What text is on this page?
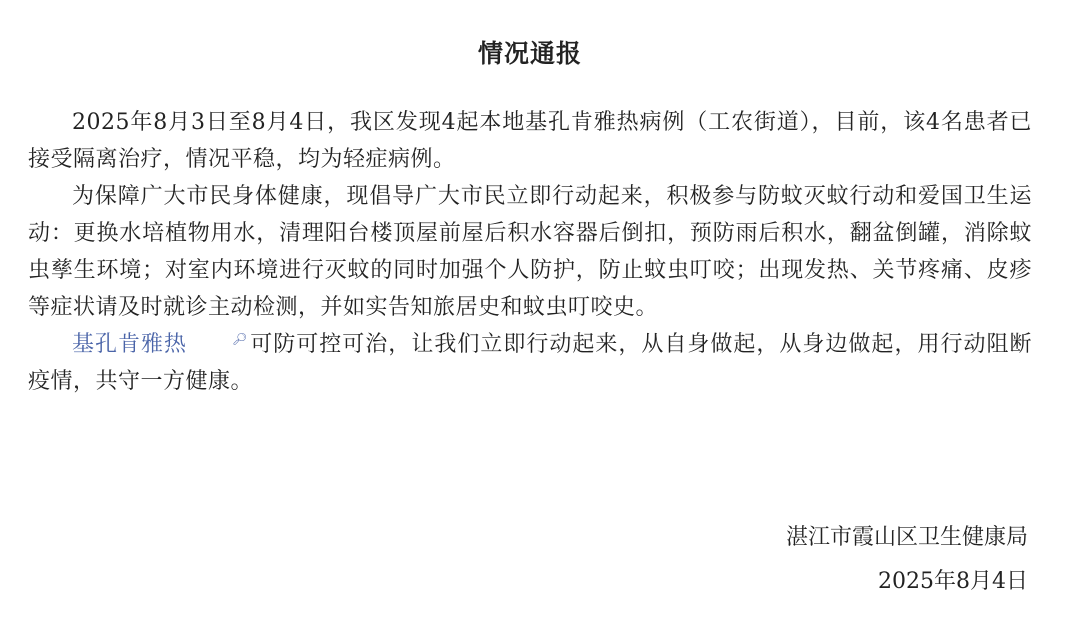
情况通报

2025年8月3日至8月4日，我区发现4起本地基孔肯雅热病例（工农街道），目前，该4名患者已接受隔离治疗，情况平稳，均为轻症病例。

为保障广大市民身体健康，现倡导广大市民立即行动起来，积极参与防蚊灭蚊行动和爱国卫生运动：更换水培植物用水，清理阳台楼顶屋前屋后积水容器后倒扣，预防雨后积水，翻盆倒罐，消除蚊虫孳生环境；对室内环境进行灭蚊的同时加强个人防护，防止蚊虫叮咬；出现发热、关节疼痛、皮疹等症状请及时就诊主动检测，并如实告知旅居史和蚊虫叮咬史。

基孔肯雅热	🔎︎可防可控可治，让我们立即行动起来，从自身做起，从身边做起，用行动阻断疫情，共守一方健康。

湛江市霞山区卫生健康局
2025年8月4日
